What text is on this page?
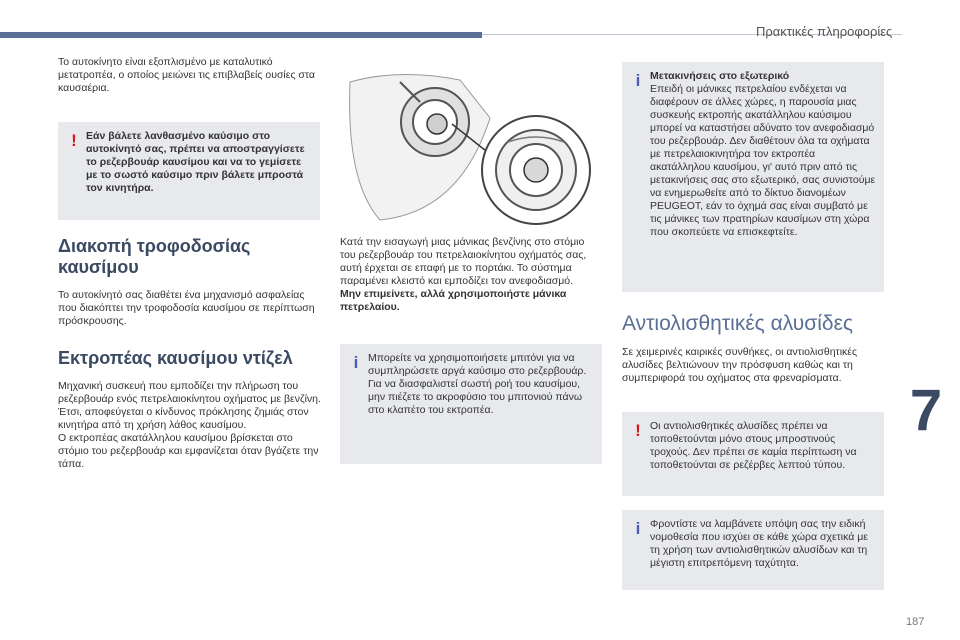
Πρακτικές πληροφορίες

Το αυτοκίνητο είναι εξοπλισμένο με καταλυτικό μετατροπέα, ο οποίος μειώνει τις επιβλαβείς ουσίες στα καυσαέρια.

! Εάν βάλετε λανθασμένο καύσιμο στο αυτοκίνητό σας, πρέπει να αποστραγγίσετε το ρεζερβουάρ καυσίμου και να το γεμίσετε με το σωστό καύσιμο πριν βάλετε μπροστά τον κινητήρα.
Διακοπή τροφοδοσίας καυσίμου

Το αυτοκίνητό σας διαθέτει ένα μηχανισμό ασφαλείας που διακόπτει την τροφοδοσία καυσίμου σε περίπτωση πρόσκρουσης.

Εκτροπέας καυσίμου ντίζελ

Μηχανική συσκευή που εμποδίζει την πλήρωση του ρεζερβουάρ ενός πετρελαιοκίνητου οχήματος με βενζίνη. Έτσι, αποφεύγεται ο κίνδυνος πρόκλησης ζημιάς στον κινητήρα από τη χρήση λάθος καυσίμου.

Ο εκτροπέας ακατάλληλου καυσίμου βρίσκεται στο στόμιο του ρεζερβουάρ και εμφανίζεται όταν βγάζετε την τάπα.

Κατά την εισαγωγή μιας μάνικας βενζίνης στο στόμιο του ρεζερβουάρ του πετρελαιοκίνητου οχήματός σας, αυτή έρχεται σε επαφή με το πορτάκι. Το σύστημα παραμένει κλειστό και εμποδίζει τον ανεφοδιασμό.

Μην επιμείνετε, αλλά χρησιμοποιήστε μάνικα πετρελαίου.

i Μπορείτε να χρησιμοποιήσετε μπιτόνι για να συμπληρώσετε αργά καύσιμο στο ρεζερβουάρ. Για να διασφαλιστεί σωστή ροή του καυσίμου, μην πιέζετε το ακροφύσιο του μπιτονιού πάνω στο κλαπέτο του εκτροπέα.
i Μετακινήσεις στο εξωτερικό

Επειδή οι μάνικες πετρελαίου ενδέχεται να διαφέρουν σε άλλες χώρες, η παρουσία μιας συσκευής εκτροπής ακατάλληλου καύσιμου μπορεί να καταστήσει αδύνατο τον ανεφοδιασμό του ρεζερβουάρ. Δεν διαθέτουν όλα τα οχήματα με πετρελαιοκινητήρα τον εκτροπέα ακατάλληλου καυσίμου, γι' αυτό πριν από τις μετακινήσεις σας στο εξωτερικό, σας συνιστούμε να ενημερωθείτε από το δίκτυο διανομέων PEUGEOT, εάν το όχημά σας είναι συμβατό με τις μάνικες των πρατηρίων καυσίμων στη χώρα που σκοπεύετε να επισκεφτείτε.

Αντιολισθητικές αλυσίδες

Σε χειμερινές καιρικές συνθήκες, οι αντιολισθητικές αλυσίδες βελτιώνουν την πρόσφυση καθώς και τη συμπεριφορά του οχήματος στα φρεναρίσματα.

! Οι αντιολισθητικές αλυσίδες πρέπει να τοποθετούνται μόνο στους μπροστινούς τροχούς. Δεν πρέπει σε καμία περίπτωση να τοποθετούνται σε ρεζέρβες λεπτού τύπου.
i Φροντίστε να λαμβάνετε υπόψη σας την ειδική νομοθεσία που ισχύει σε κάθε χώρα σχετικά με τη χρήση των αντιολισθητικών αλυσίδων και τη μέγιστη επιτρεπόμενη ταχύτητα.
7
187
